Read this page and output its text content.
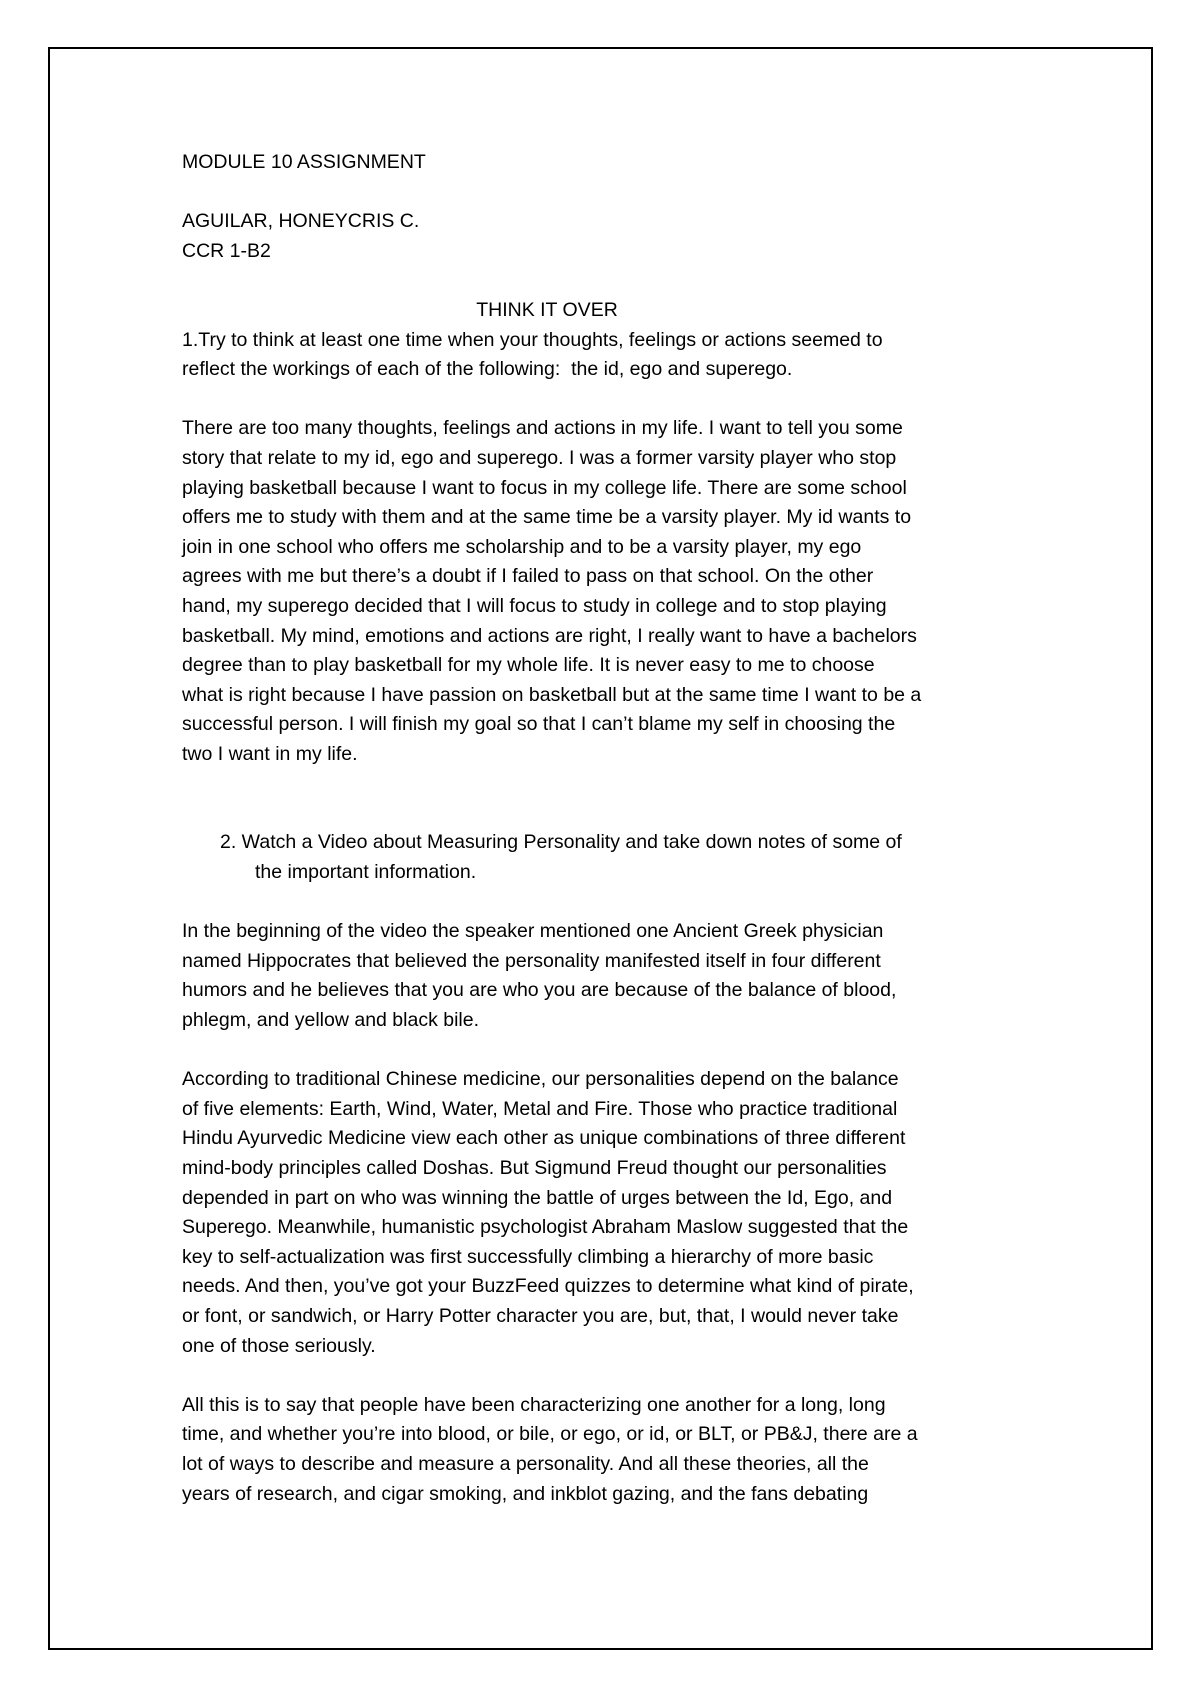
MODULE 10 ASSIGNMENT
AGUILAR, HONEYCRIS C.
CCR 1-B2
THINK IT OVER
1.Try to think at least one time when your thoughts, feelings or actions seemed to
reflect the workings of each of the following:  the id, ego and superego.
There are too many thoughts, feelings and actions in my life. I want to tell you some
story that relate to my id, ego and superego. I was a former varsity player who stop
playing basketball because I want to focus in my college life. There are some school
offers me to study with them and at the same time be a varsity player. My id wants to
join in one school who offers me scholarship and to be a varsity player, my ego
agrees with me but there’s a doubt if I failed to pass on that school. On the other
hand, my superego decided that I will focus to study in college and to stop playing
basketball. My mind, emotions and actions are right, I really want to have a bachelors
degree than to play basketball for my whole life. It is never easy to me to choose
what is right because I have passion on basketball but at the same time I want to be a
successful person. I will finish my goal so that I can’t blame my self in choosing the
two I want in my life.
2. Watch a Video about Measuring Personality and take down notes of some of
the important information.
In the beginning of the video the speaker mentioned one Ancient Greek physician
named Hippocrates that believed the personality manifested itself in four different
humors and he believes that you are who you are because of the balance of blood,
phlegm, and yellow and black bile.
According to traditional Chinese medicine, our personalities depend on the balance
of five elements: Earth, Wind, Water, Metal and Fire. Those who practice traditional
Hindu Ayurvedic Medicine view each other as unique combinations of three different
mind-body principles called Doshas. But Sigmund Freud thought our personalities
depended in part on who was winning the battle of urges between the Id, Ego, and
Superego. Meanwhile, humanistic psychologist Abraham Maslow suggested that the
key to self-actualization was first successfully climbing a hierarchy of more basic
needs. And then, you’ve got your BuzzFeed quizzes to determine what kind of pirate,
or font, or sandwich, or Harry Potter character you are, but, that, I would never take
one of those seriously.
All this is to say that people have been characterizing one another for a long, long
time, and whether you’re into blood, or bile, or ego, or id, or BLT, or PB&J, there are a
lot of ways to describe and measure a personality. And all these theories, all the
years of research, and cigar smoking, and inkblot gazing, and the fans debating
